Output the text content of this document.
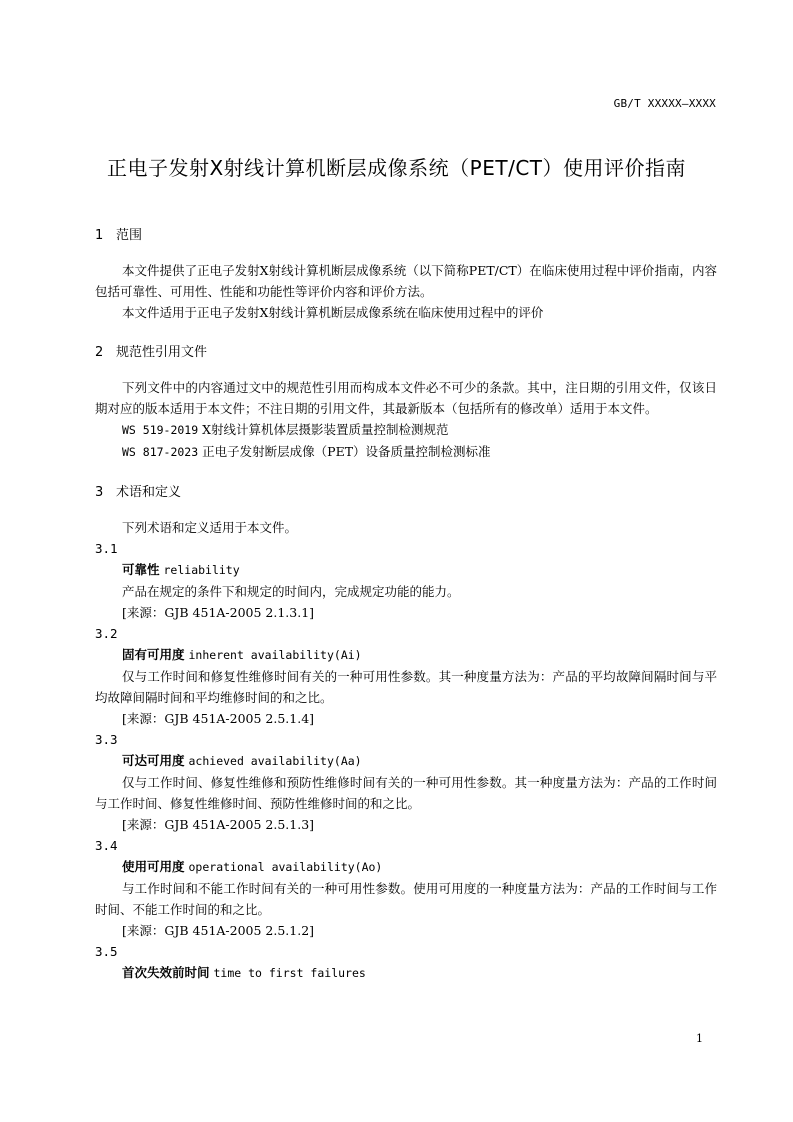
GB/T XXXXX—XXXX
正电子发射X射线计算机断层成像系统（PET/CT）使用评价指南
1 范围

本文件提供了正电子发射X射线计算机断层成像系统（以下简称PET/CT）在临床使用过程中评价指南，内容包括可靠性、可用性、性能和功能性等评价内容和评价方法。

本文件适用于正电子发射X射线计算机断层成像系统在临床使用过程中的评价

2 规范性引用文件

下列文件中的内容通过文中的规范性引用而构成本文件必不可少的条款。其中，注日期的引用文件，仅该日期对应的版本适用于本文件；不注日期的引用文件，其最新版本（包括所有的修改单）适用于本文件。

WS 519-2019 X射线计算机体层摄影装置质量控制检测规范

WS 817-2023 正电子发射断层成像（PET）设备质量控制检测标准

3 术语和定义

下列术语和定义适用于本文件。

3.1

可靠性 reliability

产品在规定的条件下和规定的时间内，完成规定功能的能力。

[来源：GJB 451A-2005 2.1.3.1]

3.2

固有可用度 inherent availability(Ai)

仅与工作时间和修复性维修时间有关的一种可用性参数。其一种度量方法为：产品的平均故障间隔时间与平均故障间隔时间和平均维修时间的和之比。

[来源：GJB 451A-2005 2.5.1.4]

3.3

可达可用度 achieved availability(Aa)

仅与工作时间、修复性维修和预防性维修时间有关的一种可用性参数。其一种度量方法为：产品的工作时间与工作时间、修复性维修时间、预防性维修时间的和之比。

[来源：GJB 451A-2005 2.5.1.3]

3.4

使用可用度 operational availability(Ao)

与工作时间和不能工作时间有关的一种可用性参数。使用可用度的一种度量方法为：产品的工作时间与工作时间、不能工作时间的和之比。

[来源：GJB 451A-2005 2.5.1.2]

3.5

首次失效前时间 time to first failures

1
